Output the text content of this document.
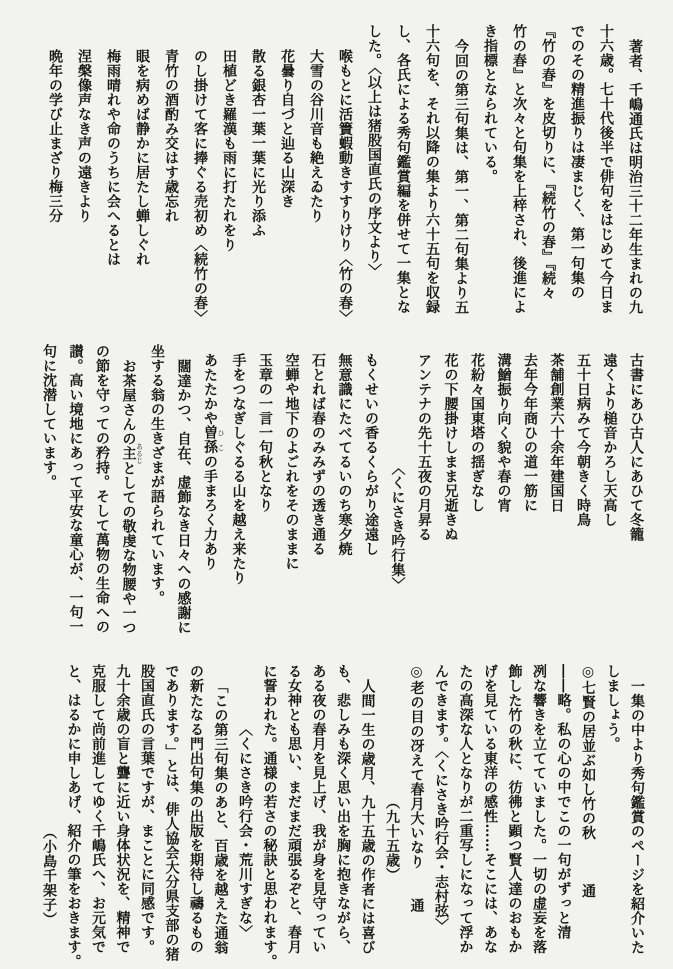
著者、千嶋通氏は明治三十二年生まれの九

十六歳。七十代後半で俳句をはじめて今日ま

でのその精進振りは凄まじく、第一句集の

『竹の春』を皮切りに、『続竹の春』『続々

竹の春』と次々と句集を上梓され、後進によ

き指標となられている。

今回の第三句集は、第一、第二句集より五

十六句を、それ以降の集より六十五句を収録

し、各氏による秀句鑑賞編を併せて一集とな

した。〈以上は猪股国直氏の序文より〉

喉もとに活簀蝦動きすすりけり〈竹の春〉

大雪の谷川音も絶えゐたり

花曇り自づと辿る山深き

散る銀杏一葉一葉に光り添ふ

田植どき羅漢も雨に打たれをり

のし掛けて客に捧ぐる売初め〈続竹の春〉

青竹の酒酌み交はす歳忘れ

眼を病めば静かに居たし蝉しぐれ

梅雨晴れや命のうちに会へるとは

涅槃像声なき声の遠きより

晩年の学び止まざり梅三分

古書にあひ古人にあひて冬籠

遠くより槌音かろし天高し

五十日病みて今朝きく時鳥

茶舗創業六十余年建国日

去年今年商ひの道一筋に

溝鰌振り向く貌や春の宵

花紛々国東塔の揺ぎなし

花の下腰掛けしまま兄逝きぬ

アンテナの先十五夜の月昇る

〈くにさき吟行集〉

もくせいの香るくらがり途遠し

無意識にたべてるいのち寒夕焼

石とれば春のみみずの透き通る

空蝉や地下のよごれをそのままに

玉章の一言一句秋となり

手をつなぎしぐるる山を越え来たり

あたたかや曽孫 ひこの手まろく力あり

闊達かつ、自在、虚飾なき日々への感謝に

坐する翁の生きざまが語られています。

お茶屋さんの主 あるじとしての敬虔な物腰や一つ

の節を守っての矜持。そして萬物の生命への

讃。高い境地にあって平安な童心が、一句一

句に沈潜しています。

一集の中より秀句鑑賞のページを紹介いた

しましょう。

◎七賢の居並ぶ如し竹の秋　　　通

――略。私の心の中でこの一句がずっと清

冽な響きを立てていました。一切の虚妄を落

飾した竹の秋に、彷彿と顕つ賢人達のおもか

げを見ている東洋の感性……そこには、あな

たの高深な人となりが二重写しになって浮か

んできます。〈くにさき吟行会・志村弦〉

◎老の目の冴えて春月大いなり　　通

（九十五歳）

人間一生の歳月、九十五歳の作者には喜び

も、悲しみも深く思い出を胸に抱きながら、

ある夜の春月を見上げ、我が身を見守ってい

る女神とも思い、まだまだ頑張るぞと、春月

に誓われた。通様の若さの秘訣と思われます。

〈くにさき吟行会・荒川すぎな〉

「この第三句集のあと、百歳を越えた通翁

の新たなる門出句集の出版を期待し禱るもの

であります。」とは、俳人協会大分県支部の猪

股国直氏の言葉ですが、まことに同感です。

九十余歳の盲と聾に近い身体状況を、精神で

克服して尚前進してゆく千嶋氏へ、お元気で

と、はるかに申しあげ、紹介の筆をおきます。

（小島千架子）
